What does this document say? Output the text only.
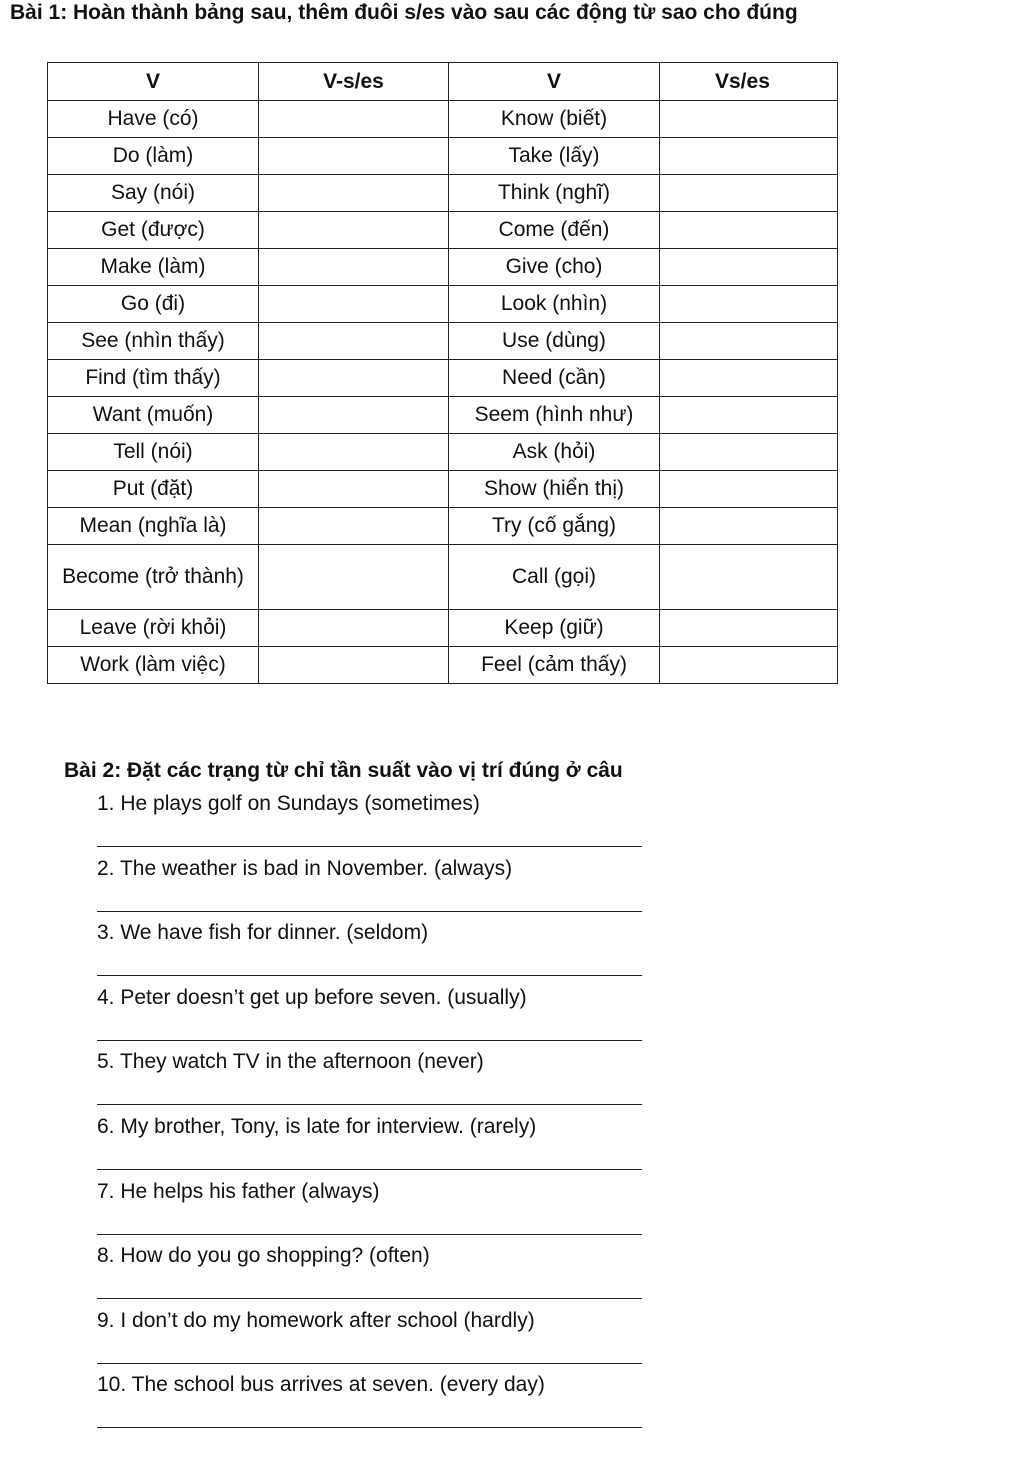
Bài 1: Hoàn thành bảng sau, thêm đuôi s/es vào sau các động từ sao cho đúng
V	V-s/es	V	Vs/es
Have (có)		Know (biết)	
Do (làm)		Take (lấy)	
Say (nói)		Think (nghĩ)	
Get (được)		Come (đến)	
Make (làm)		Give (cho)	
Go (đi)		Look (nhìn)	
See (nhìn thấy)		Use (dùng)	
Find (tìm thấy)		Need (cần)	
Want (muốn)		Seem (hình như)	
Tell (nói)		Ask (hỏi)	
Put (đặt)		Show (hiển thị)	
Mean (nghĩa là)		Try (cố gắng)	
Become (trở thành)		Call (gọi)	
Leave (rời khỏi)		Keep (giữ)	
Work (làm việc)		Feel (cảm thấy)	
Bài 2: Đặt các trạng từ chỉ tần suất vào vị trí đúng ở câu
1. He plays golf on Sundays (sometimes)
2. The weather is bad in November. (always)
3. We have fish for dinner. (seldom)
4. Peter doesn’t get up before seven. (usually)
5. They watch TV in the afternoon (never)
6. My brother, Tony, is late for interview. (rarely)
7. He helps his father (always)
8. How do you go shopping? (often)
9. I don’t do my homework after school (hardly)
10. The school bus arrives at seven. (every day)
